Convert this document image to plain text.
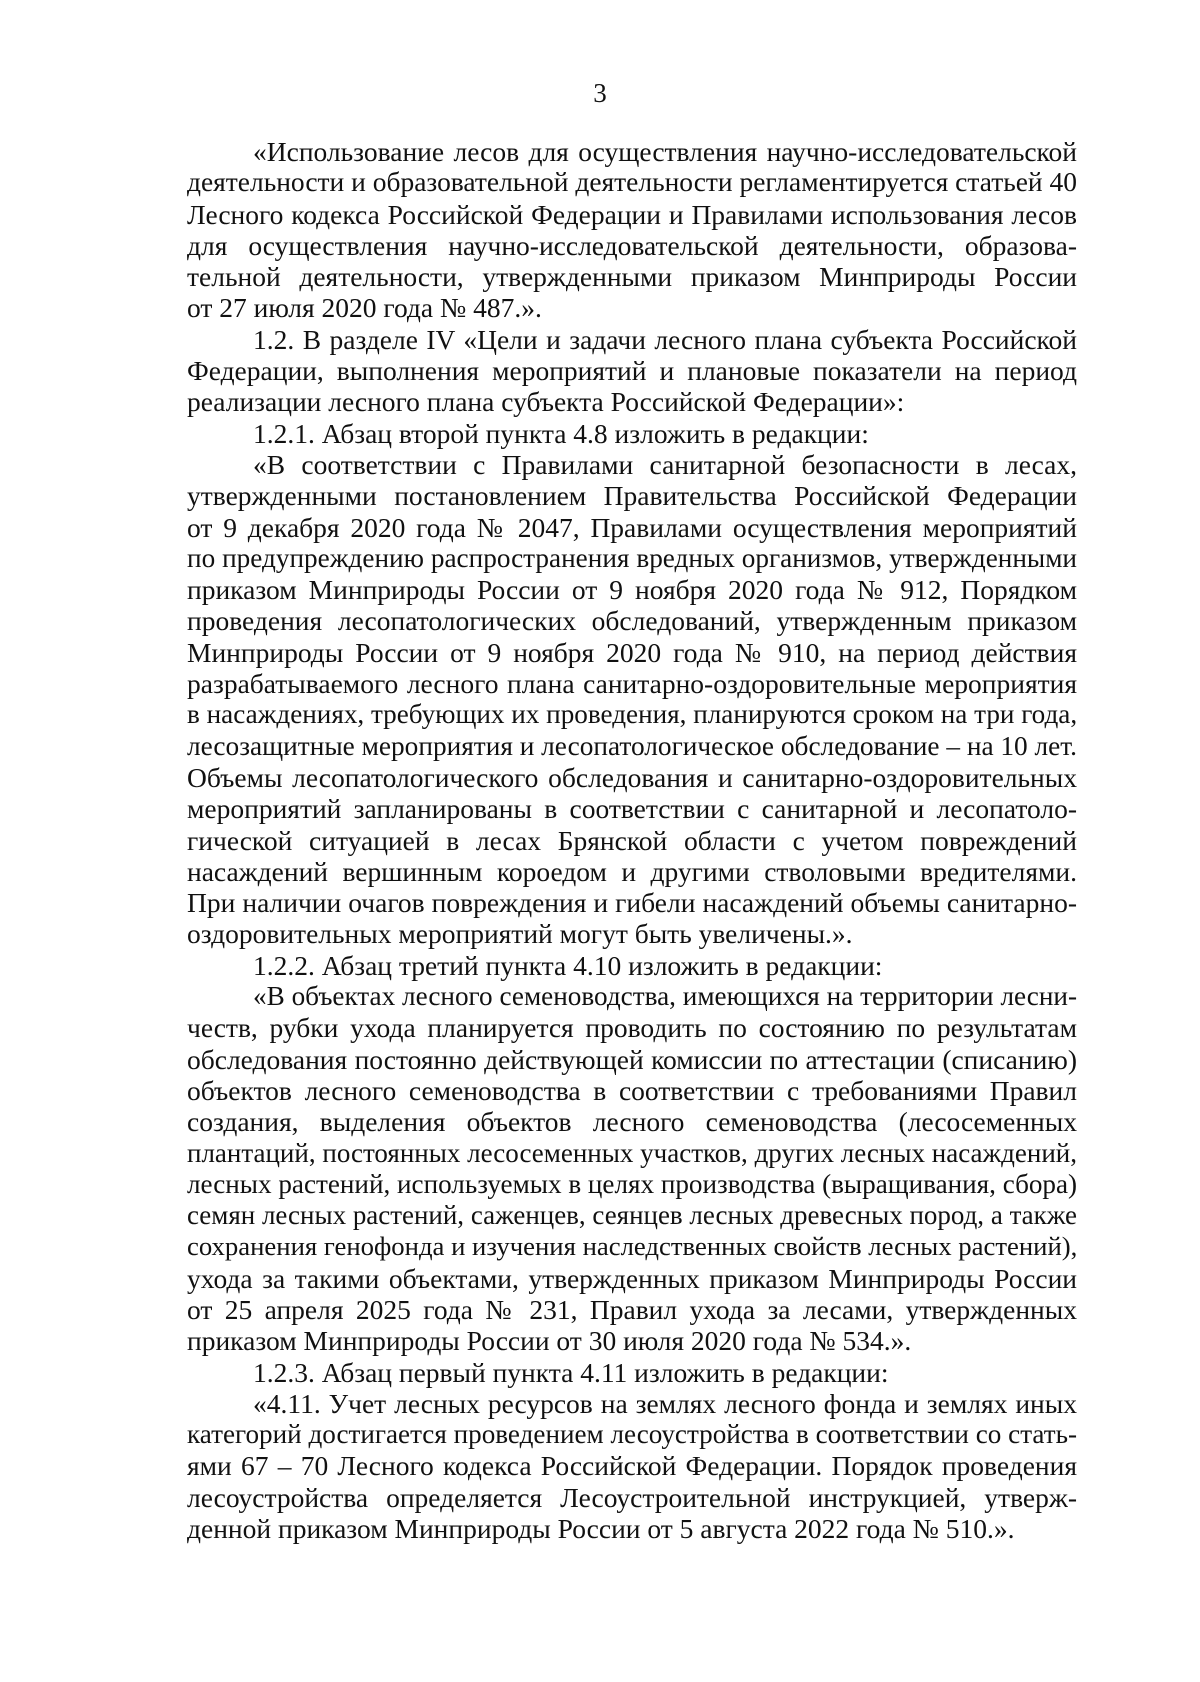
3
«Использование лесов для осуществления научно-исследовательской
деятельности и образовательной деятельности регламентируется статьей 40
Лесного кодекса Российской Федерации и Правилами использования лесов
для осуществления научно-исследовательской деятельности, образова-
тельной деятельности, утвержденными приказом Минприроды России
от 27 июля 2020 года № 487.».
1.2. В разделе IV «Цели и задачи лесного плана субъекта Российской
Федерации, выполнения мероприятий и плановые показатели на период
реализации лесного плана субъекта Российской Федерации»:
1.2.1. Абзац второй пункта 4.8 изложить в редакции:
«В соответствии с Правилами санитарной безопасности в лесах,
утвержденными постановлением Правительства Российской Федерации
от 9 декабря 2020 года № 2047, Правилами осуществления мероприятий
по предупреждению распространения вредных организмов, утвержденными
приказом Минприроды России от 9 ноября 2020 года № 912, Порядком
проведения лесопатологических обследований, утвержденным приказом
Минприроды России от 9 ноября 2020 года № 910, на период действия
разрабатываемого лесного плана санитарно-оздоровительные мероприятия
в насаждениях, требующих их проведения, планируются сроком на три года,
лесозащитные мероприятия и лесопатологическое обследование – на 10 лет.
Объемы лесопатологического обследования и санитарно-оздоровительных
мероприятий запланированы в соответствии с санитарной и лесопатоло-
гической ситуацией в лесах Брянской области с учетом повреждений
насаждений вершинным короедом и другими стволовыми вредителями.
При наличии очагов повреждения и гибели насаждений объемы санитарно-
оздоровительных мероприятий могут быть увеличены.».
1.2.2. Абзац третий пункта 4.10 изложить в редакции:
«В объектах лесного семеноводства, имеющихся на территории лесни-
честв, рубки ухода планируется проводить по состоянию по результатам
обследования постоянно действующей комиссии по аттестации (списанию)
объектов лесного семеноводства в соответствии с требованиями Правил
создания, выделения объектов лесного семеноводства (лесосеменных
плантаций, постоянных лесосеменных участков, других лесных насаждений,
лесных растений, используемых в целях производства (выращивания, сбора)
семян лесных растений, саженцев, сеянцев лесных древесных пород, а также
сохранения генофонда и изучения наследственных свойств лесных растений),
ухода за такими объектами, утвержденных приказом Минприроды России
от 25 апреля 2025 года № 231, Правил ухода за лесами, утвержденных
приказом Минприроды России от 30 июля 2020 года № 534.».
1.2.3. Абзац первый пункта 4.11 изложить в редакции:
«4.11. Учет лесных ресурсов на землях лесного фонда и землях иных
категорий достигается проведением лесоустройства в соответствии со стать-
ями 67 – 70 Лесного кодекса Российской Федерации. Порядок проведения
лесоустройства определяется Лесоустроительной инструкцией, утверж-
денной приказом Минприроды России от 5 августа 2022 года № 510.».
